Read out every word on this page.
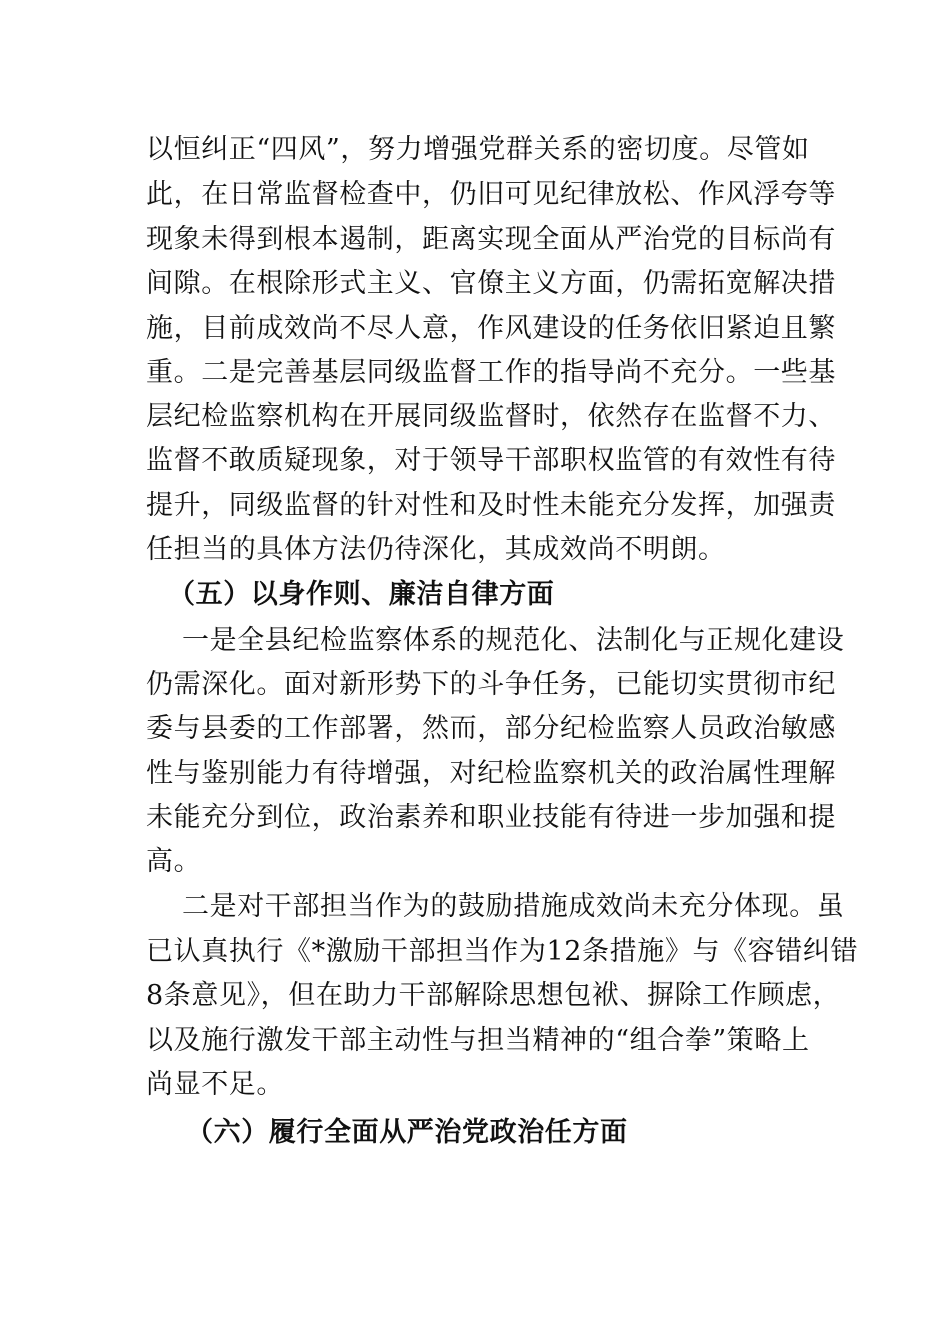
以恒纠正“四风”，努力增强党群关系的密切度。尽管如
此，在日常监督检查中，仍旧可见纪律放松、作风浮夸等
现象未得到根本遏制，距离实现全面从严治党的目标尚有
间隙。在根除形式主义、官僚主义方面，仍需拓宽解决措
施，目前成效尚不尽人意，作风建设的任务依旧紧迫且繁
重。二是完善基层同级监督工作的指导尚不充分。一些基
层纪检监察机构在开展同级监督时，依然存在监督不力、
监督不敢质疑现象，对于领导干部职权监管的有效性有待
提升，同级监督的针对性和及时性未能充分发挥，加强责
任担当的具体方法仍待深化，其成效尚不明朗。
（五）以身作则、廉洁自律方面
一是全县纪检监察体系的规范化、法制化与正规化建设
仍需深化。面对新形势下的斗争任务，已能切实贯彻市纪
委与县委的工作部署，然而，部分纪检监察人员政治敏感
性与鉴别能力有待增强，对纪检监察机关的政治属性理解
未能充分到位，政治素养和职业技能有待进一步加强和提
高。
二是对干部担当作为的鼓励措施成效尚未充分体现。虽
已认真执行《*激励干部担当作为12条措施》与《容错纠错
8条意见》，但在助力干部解除思想包袱、摒除工作顾虑，
以及施行激发干部主动性与担当精神的“组合拳”策略上
尚显不足。
（六）履行全面从严治党政治任方面
